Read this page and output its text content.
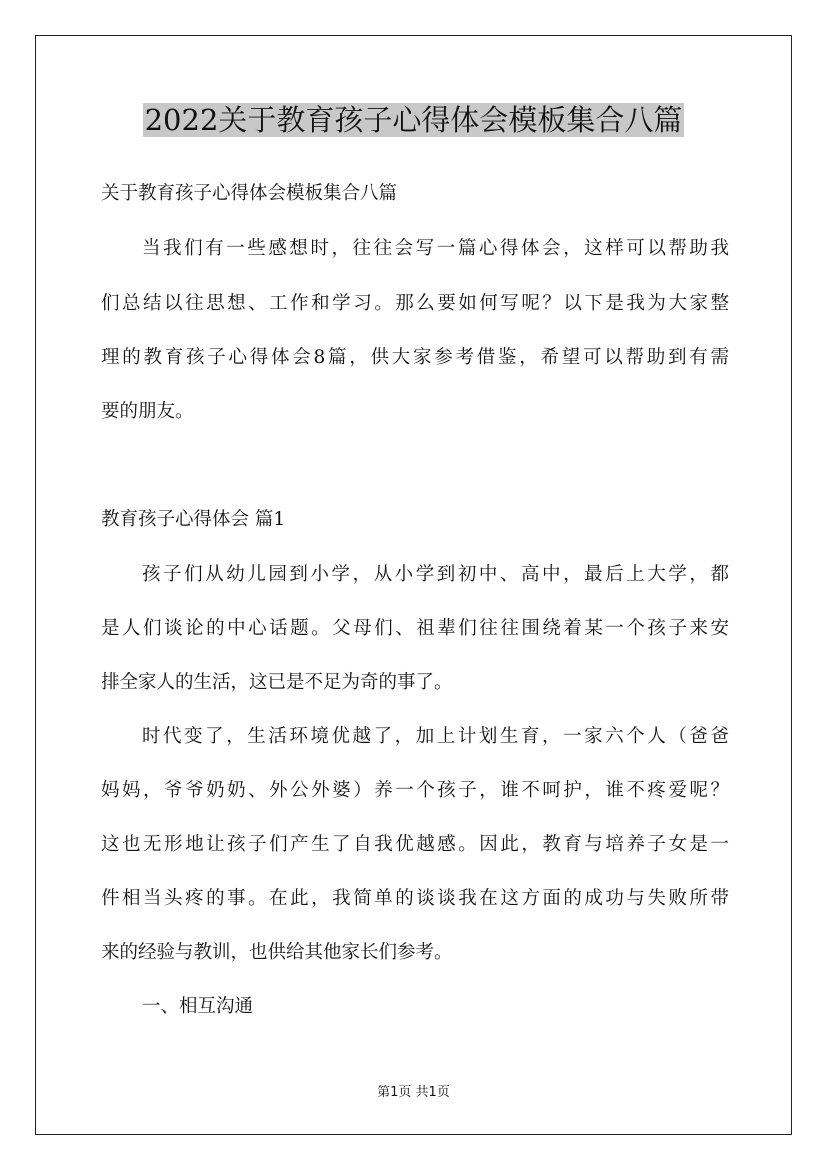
2022关于教育孩子心得体会模板集合八篇
关于教育孩子心得体会模板集合八篇
当我们有一些感想时，往往会写一篇心得体会，这样可以帮助我
们总结以往思想、工作和学习。那么要如何写呢？以下是我为大家整
理的教育孩子心得体会8篇，供大家参考借鉴，希望可以帮助到有需
要的朋友。
教育孩子心得体会 篇1
孩子们从幼儿园到小学，从小学到初中、高中，最后上大学，都
是人们谈论的中心话题。父母们、祖辈们往往围绕着某一个孩子来安
排全家人的生活，这已是不足为奇的事了。
时代变了，生活环境优越了，加上计划生育，一家六个人（爸爸
妈妈，爷爷奶奶、外公外婆）养一个孩子，谁不呵护，谁不疼爱呢？
这也无形地让孩子们产生了自我优越感。因此，教育与培养子女是一
件相当头疼的事。在此，我简单的谈谈我在这方面的成功与失败所带
来的经验与教训，也供给其他家长们参考。
一、相互沟通
第1页 共1页
